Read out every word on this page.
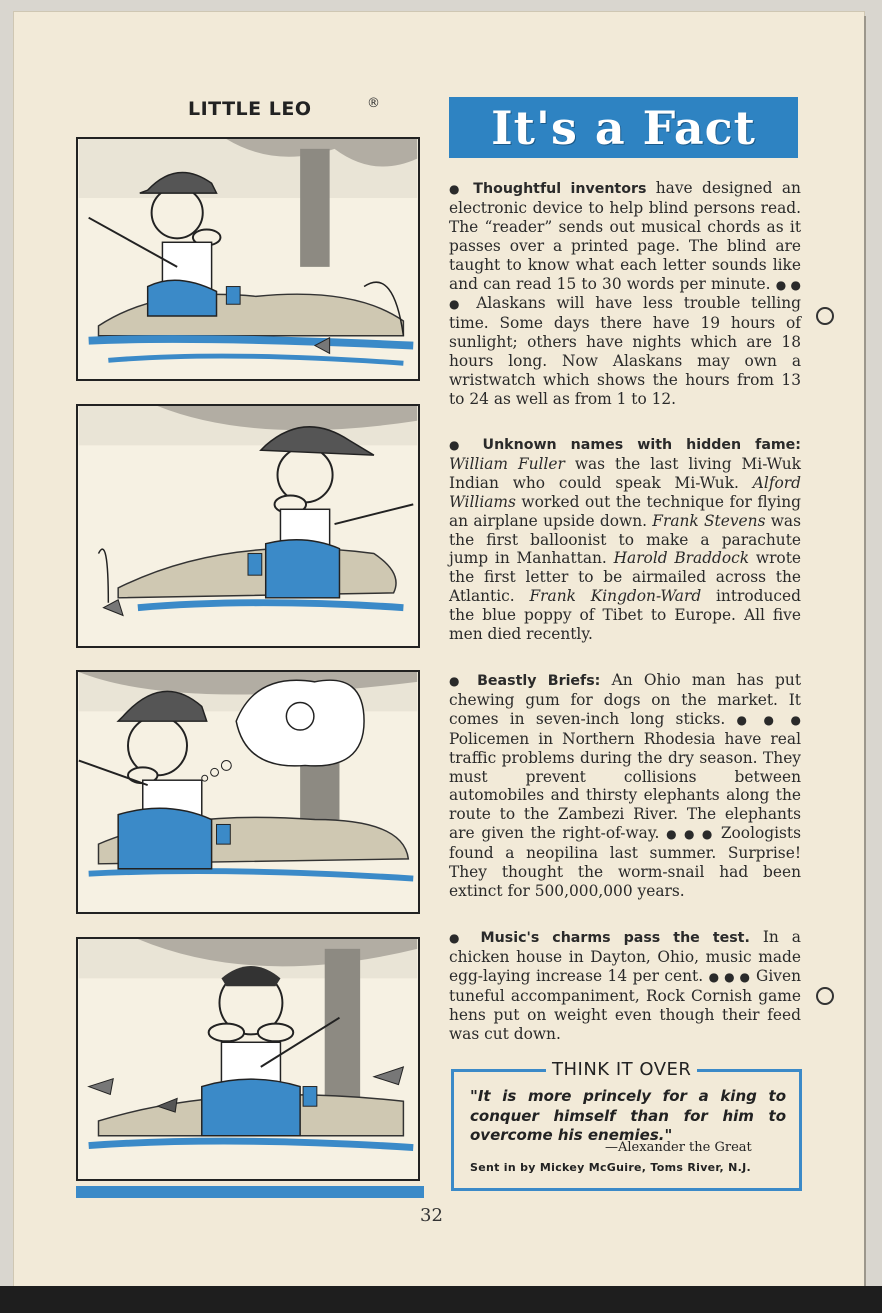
LITTLE LEO	®
32
It's a Fact

● Thoughtful inventors have designed an electronic device to help blind persons read. The “reader” sends out musical chords as it passes over a printed page. The blind are taught to know what each letter sounds like and can read 15 to 30 words per minute. ● ● ● Alaskans will have less trouble telling time. Some days there have 19 hours of sunlight; others have nights which are 18 hours long. Now Alaskans may own a wristwatch which shows the hours from 13 to 24 as well as from 1 to 12.

● Unknown names with hidden fame: William Fuller was the last living Mi-Wuk Indian who could speak Mi-Wuk. Alford Williams worked out the technique for flying an airplane upside down. Frank Stevens was the first balloonist to make a parachute jump in Manhattan. Harold Braddock wrote the first letter to be airmailed across the Atlantic. Frank Kingdon-Ward introduced the blue poppy of Tibet to Europe. All five men died recently.

● Beastly Briefs: An Ohio man has put chewing gum for dogs on the market. It comes in seven-inch long sticks. ● ● ● Policemen in Northern Rhodesia have real traffic problems during the dry season. They must prevent collisions between automobiles and thirsty elephants along the route to the Zambezi River. The elephants are given the right-of-way. ● ● ● Zoologists found a neopilina last summer. Surprise! They thought the worm-snail had been extinct for 500,000,000 years.

● Music's charms pass the test. In a chicken house in Dayton, Ohio, music made egg-laying increase 14 per cent. ● ● ● Given tuneful accompaniment, Rock Cornish game hens put on weight even though their feed was cut down.

THINK IT OVER
"It is more princely for a king to conquer himself than for him to overcome his enemies."
—Alexander the Great
Sent in by Mickey McGuire, Toms River, N.J.
